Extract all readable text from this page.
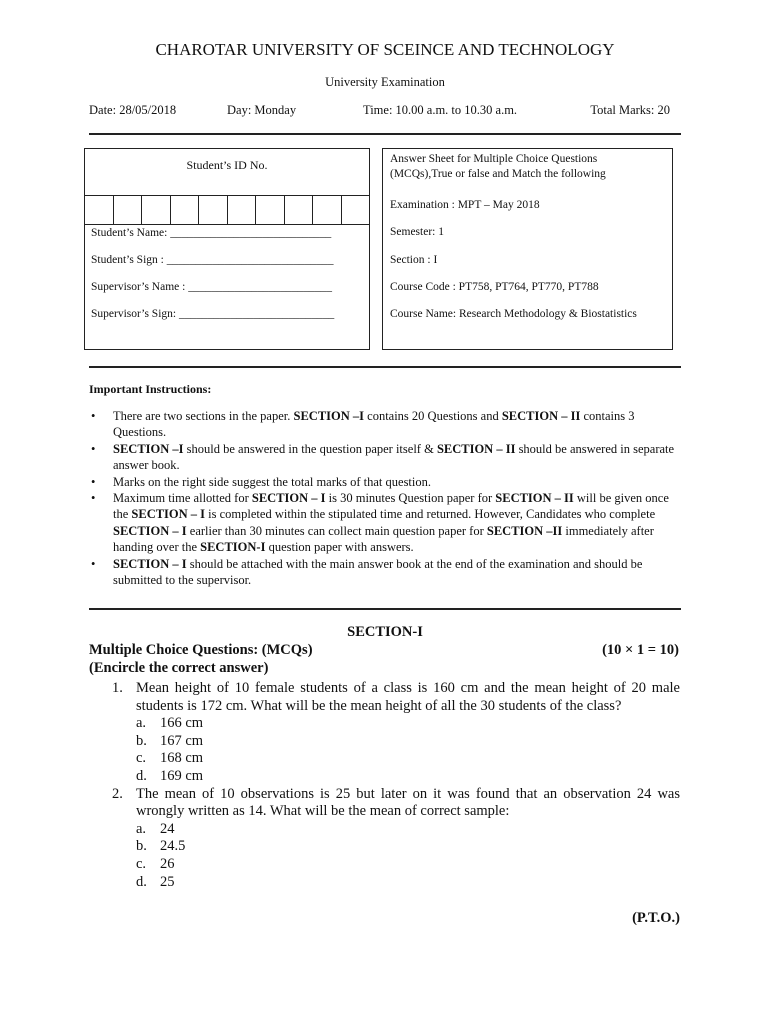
CHAROTAR UNIVERSITY OF SCEINCE AND TECHNOLOGY
University Examination
Date: 28/05/2018	Day: Monday	Time: 10.00 a.m. to 10.30 a.m.	Total Marks: 20
Student’s ID No.
Student’s Name: ____________________________
Student’s Sign : _____________________________
Supervisor’s Name : _________________________
Supervisor’s Sign: ___________________________
Answer Sheet for Multiple Choice Questions (MCQs),True or false and Match the following
Examination : MPT – May 2018
Semester: 1
Section : I
Course Code : PT758, PT764, PT770, PT788
Course Name: Research Methodology & Biostatistics
Important Instructions:
• There are two sections in the paper. SECTION –I contains 20 Questions and SECTION – II contains 3 Questions.
• SECTION –I should be answered in the question paper itself & SECTION – II should be answered in separate answer book.
• Marks on the right side suggest the total marks of that question.
• Maximum time allotted for SECTION – I is 30 minutes Question paper for SECTION – II will be given once the SECTION – I is completed within the stipulated time and returned. However, Candidates who complete SECTION – I earlier than 30 minutes can collect main question paper for SECTION –II immediately after handing over the SECTION-I question paper with answers.
• SECTION – I should be attached with the main answer book at the end of the examination and should be submitted to the supervisor.
SECTION-I
Multiple Choice Questions: (MCQs)	(10 × 1 = 10)
(Encircle the correct answer)
1. Mean height of 10 female students of a class is 160 cm and the mean height of 20 male students is 172 cm. What will be the mean height of all the 30 students of the class?
a. 166 cm
b. 167 cm
c. 168 cm
d. 169 cm
2. The mean of 10 observations is 25 but later on it was found that an observation 24 was wrongly written as 14. What will be the mean of correct sample:
a. 24
b. 24.5
c. 26
d. 25
(P.T.O.)
